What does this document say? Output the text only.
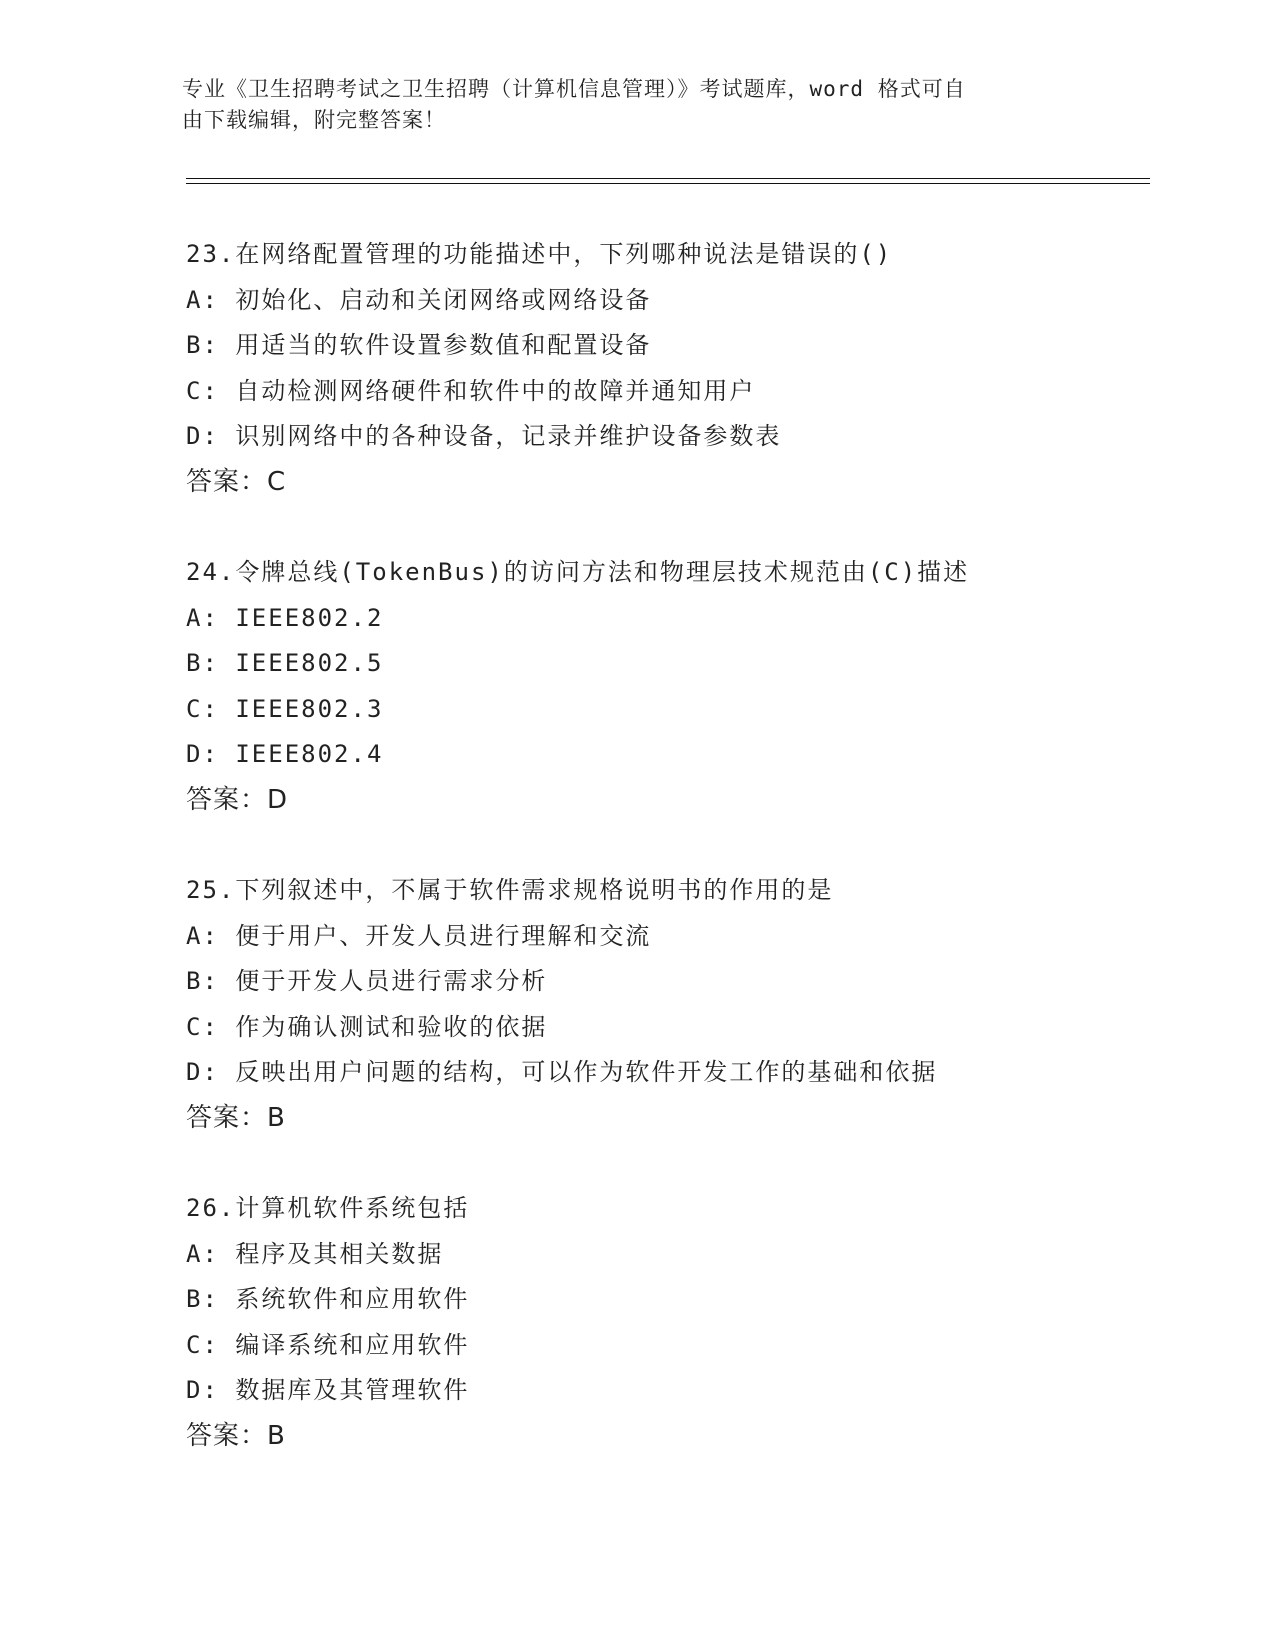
专业《卫生招聘考试之卫生招聘（计算机信息管理）》考试题库，word 格式可自
由下载编辑，附完整答案！
23.在网络配置管理的功能描述中，下列哪种说法是错误的()
A: 初始化、启动和关闭网络或网络设备
B: 用适当的软件设置参数值和配置设备
C: 自动检测网络硬件和软件中的故障并通知用户
D: 识别网络中的各种设备，记录并维护设备参数表
答案：C
24.令牌总线(TokenBus)的访问方法和物理层技术规范由(C)描述
A: IEEE802.2
B: IEEE802.5
C: IEEE802.3
D: IEEE802.4
答案：D
25.下列叙述中，不属于软件需求规格说明书的作用的是
A: 便于用户、开发人员进行理解和交流
B: 便于开发人员进行需求分析
C: 作为确认测试和验收的依据
D: 反映出用户问题的结构，可以作为软件开发工作的基础和依据
答案：B
26.计算机软件系统包括
A: 程序及其相关数据
B: 系统软件和应用软件
C: 编译系统和应用软件
D: 数据库及其管理软件
答案：B
